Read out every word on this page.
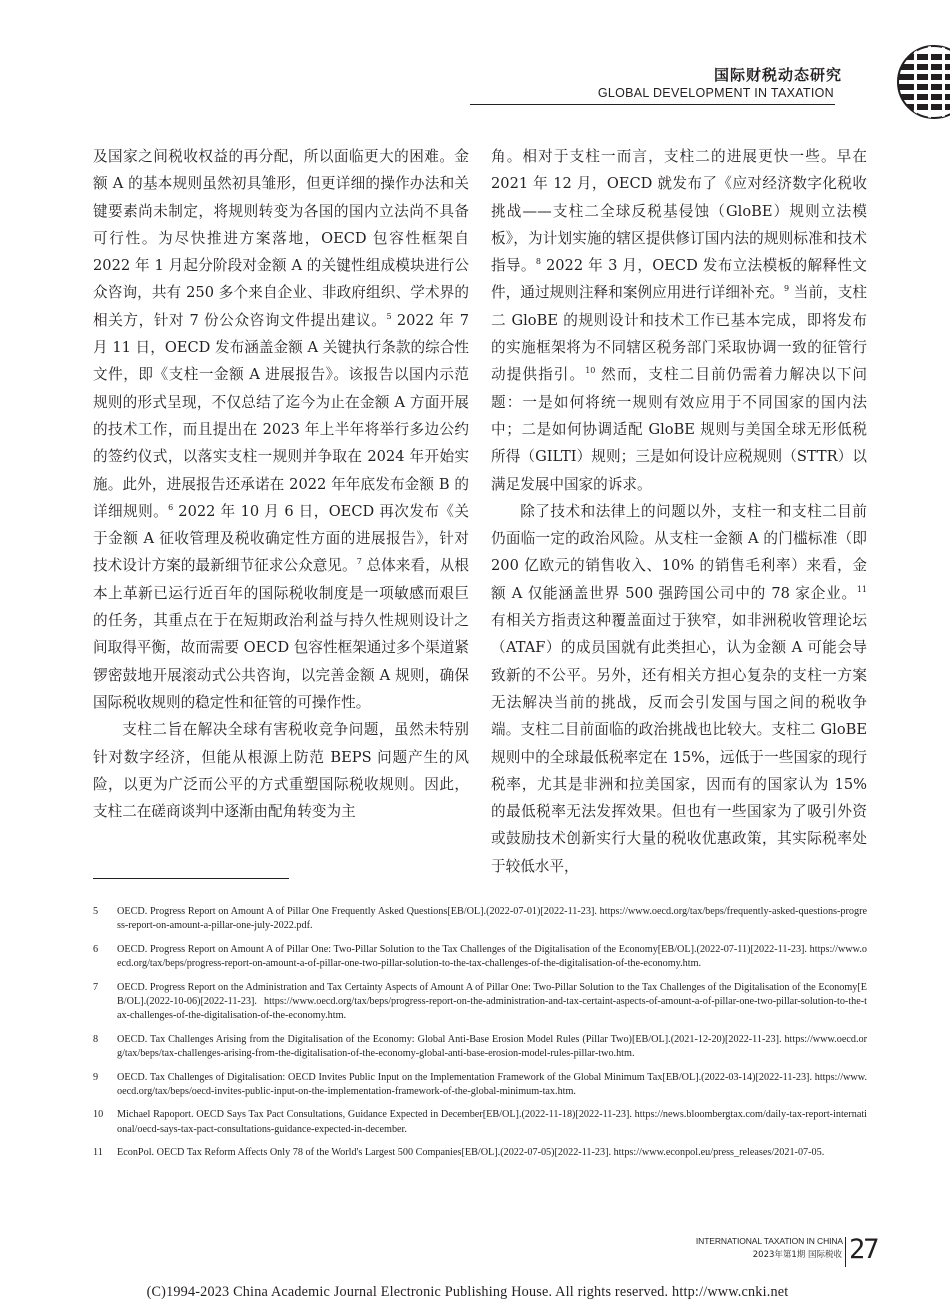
国际财税动态研究
GLOBAL DEVELOPMENT IN TAXATION

及国家之间税收权益的再分配，所以面临更大的困难。金额 A 的基本规则虽然初具雏形，但更详细的操作办法和关键要素尚未制定，将规则转变为各国的国内立法尚不具备可行性。为尽快推进方案落地，OECD 包容性框架自 2022 年 1 月起分阶段对金额 A 的关键性组成模块进行公众咨询，共有 250 多个来自企业、非政府组织、学术界的相关方，针对 7 份公众咨询文件提出建议。$^5$ 2022 年 7 月 11 日，OECD 发布涵盖金额 A 关键执行条款的综合性文件，即《支柱一金额 A 进展报告》。该报告以国内示范规则的形式呈现，不仅总结了迄今为止在金额 A 方面开展的技术工作，而且提出在 2023 年上半年将举行多边公约的签约仪式，以落实支柱一规则并争取在 2024 年开始实施。此外，进展报告还承诺在 2022 年年底发布金额 B 的详细规则。$^6$ 2022 年 10 月 6 日，OECD 再次发布《关于金额 A 征收管理及税收确定性方面的进展报告》，针对技术设计方案的最新细节征求公众意见。$^7$ 总体来看，从根本上革新已运行近百年的国际税收制度是一项敏感而艰巨的任务，其重点在于在短期政治利益与持久性规则设计之间取得平衡，故而需要 OECD 包容性框架通过多个渠道紧锣密鼓地开展滚动式公共咨询，以完善金额 A 规则，确保国际税收规则的稳定性和征管的可操作性。

支柱二旨在解决全球有害税收竞争问题，虽然未特别针对数字经济，但能从根源上防范 BEPS 问题产生的风险，以更为广泛而公平的方式重塑国际税收规则。因此，支柱二在磋商谈判中逐渐由配角转变为主

角。相对于支柱一而言，支柱二的进展更快一些。早在 2021 年 12 月，OECD 就发布了《应对经济数字化税收挑战——支柱二全球反税基侵蚀（GloBE）规则立法模板》，为计划实施的辖区提供修订国内法的规则标准和技术指导。$^8$ 2022 年 3 月，OECD 发布立法模板的解释性文件，通过规则注释和案例应用进行详细补充。$^9$ 当前，支柱二 GloBE 的规则设计和技术工作已基本完成，即将发布的实施框架将为不同辖区税务部门采取协调一致的征管行动提供指引。$^{10}$ 然而，支柱二目前仍需着力解决以下问题：一是如何将统一规则有效应用于不同国家的国内法中；二是如何协调适配 GloBE 规则与美国全球无形低税所得（GILTI）规则；三是如何设计应税规则（STTR）以满足发展中国家的诉求。

除了技术和法律上的问题以外，支柱一和支柱二目前仍面临一定的政治风险。从支柱一金额 A 的门槛标准（即 200 亿欧元的销售收入、10% 的销售毛利率）来看，金额 A 仅能涵盖世界 500 强跨国公司中的 78 家企业。$^{11}$ 有相关方指责这种覆盖面过于狭窄，如非洲税收管理论坛（ATAF）的成员国就有此类担心，认为金额 A 可能会导致新的不公平。另外，还有相关方担心复杂的支柱一方案无法解决当前的挑战，反而会引发国与国之间的税收争端。支柱二目前面临的政治挑战也比较大。支柱二 GloBE 规则中的全球最低税率定在 15%，远低于一些国家的现行税率，尤其是非洲和拉美国家，因而有的国家认为 15% 的最低税率无法发挥效果。但也有一些国家为了吸引外资或鼓励技术创新实行大量的税收优惠政策，其实际税率处于较低水平，

5	OECD. Progress Report on Amount A of Pillar One Frequently Asked Questions[EB/OL].(2022-07-01)[2022-11-23]. https://www.oecd.org/tax/beps/frequently-asked-questions-progress-report-on-amount-a-pillar-one-july-2022.pdf.
6	OECD. Progress Report on Amount A of Pillar One: Two-Pillar Solution to the Tax Challenges of the Digitalisation of the Economy[EB/OL].(2022-07-11)[2022-11-23]. https://www.oecd.org/tax/beps/progress-report-on-amount-a-of-pillar-one-two-pillar-solution-to-the-tax-challenges-of-the-digitalisation-of-the-economy.htm.
7	OECD. Progress Report on the Administration and Tax Certainty Aspects of Amount A of Pillar One: Two-Pillar Solution to the Tax Challenges of the Digitalisation of the Economy[EB/OL].(2022-10-06)[2022-11-23]. https://www.oecd.org/tax/beps/progress-report-on-the-administration-and-tax-certaint-aspects-of-amount-a-of-pillar-one-two-pillar-solution-to-the-tax-challenges-of-the-digitalisation-of-the-economy.htm.
8	OECD. Tax Challenges Arising from the Digitalisation of the Economy: Global Anti-Base Erosion Model Rules (Pillar Two)[EB/OL].(2021-12-20)[2022-11-23]. https://www.oecd.org/tax/beps/tax-challenges-arising-from-the-digitalisation-of-the-economy-global-anti-base-erosion-model-rules-pillar-two.htm.
9	OECD. Tax Challenges of Digitalisation: OECD Invites Public Input on the Implementation Framework of the Global Minimum Tax[EB/OL].(2022-03-14)[2022-11-23]. https://www.oecd.org/tax/beps/oecd-invites-public-input-on-the-implementation-framework-of-the-global-minimum-tax.htm.
10	Michael Rapoport. OECD Says Tax Pact Consultations, Guidance Expected in December[EB/OL].(2022-11-18)[2022-11-23]. https://news.bloombergtax.com/daily-tax-report-international/oecd-says-tax-pact-consultations-guidance-expected-in-december.
11	EconPol. OECD Tax Reform Affects Only 78 of the World's Largest 500 Companies[EB/OL].(2022-07-05)[2022-11-23]. https://www.econpol.eu/press_releases/2021-07-05.
INTERNATIONAL TAXATION IN CHINA
2023年第1期 国际税收 27
(C)1994-2023 China Academic Journal Electronic Publishing House. All rights reserved. http://www.cnki.net
